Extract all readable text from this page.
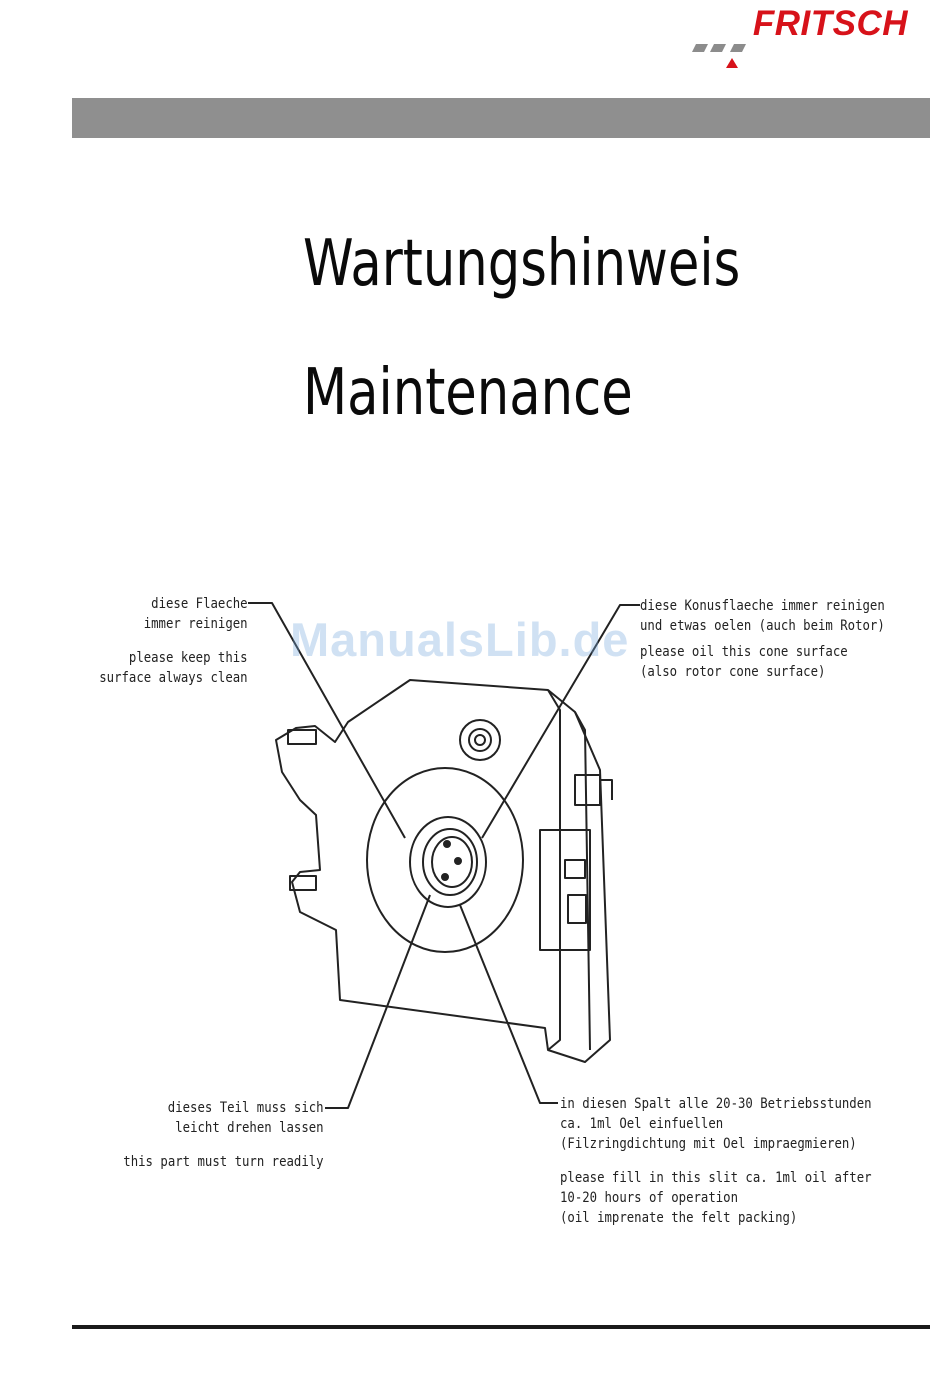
FRITSCH
Wartungshinweis
Maintenance
ManualsLib.de
diese Flaeche
immer reinigen
please keep this
surface always clean
diese Konusflaeche immer reinigen
und etwas oelen (auch beim Rotor)
please oil this cone surface
(also rotor cone surface)
dieses Teil muss sich
leicht drehen lassen
this part must turn readily
in diesen Spalt alle 20-30 Betriebsstunden
ca. 1ml Oel einfuellen
(Filzringdichtung mit Oel impraegmieren)
please fill in this slit ca. 1ml oil after
10-20 hours of operation
(oil imprenate the felt packing)
